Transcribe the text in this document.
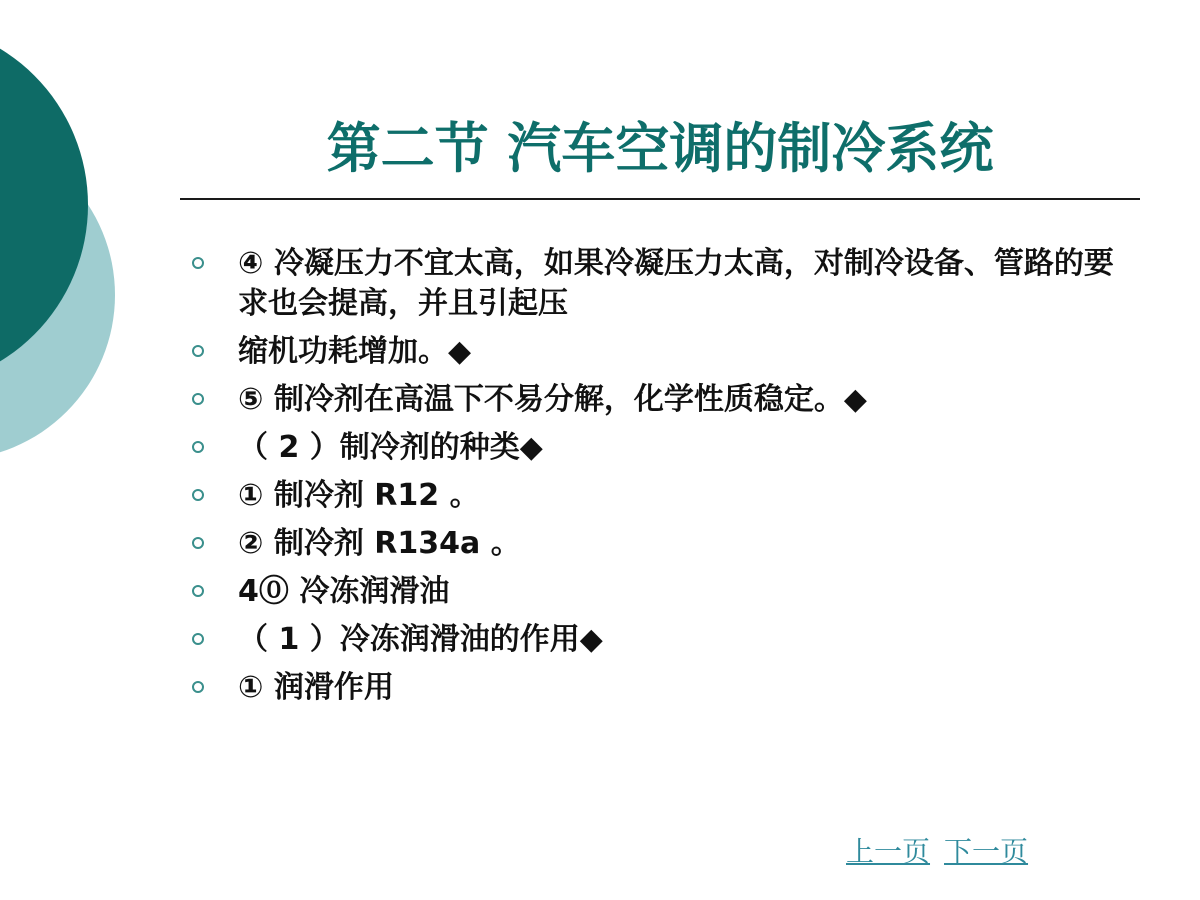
第二节 汽车空调的制冷系统
④ 冷凝压力不宜太高，如果冷凝压力太高，对制冷设备、管路的要求也会提高，并且引起压
缩机功耗增加。◆
⑤ 制冷剂在高温下不易分解，化学性质稳定。◆
（ 2 ）制冷剂的种类◆
① 制冷剂 R12 。
② 制冷剂 R134a 。
4⓪ 冷冻润滑油
（ 1 ）冷冻润滑油的作用◆
① 润滑作用
上一页 下一页
